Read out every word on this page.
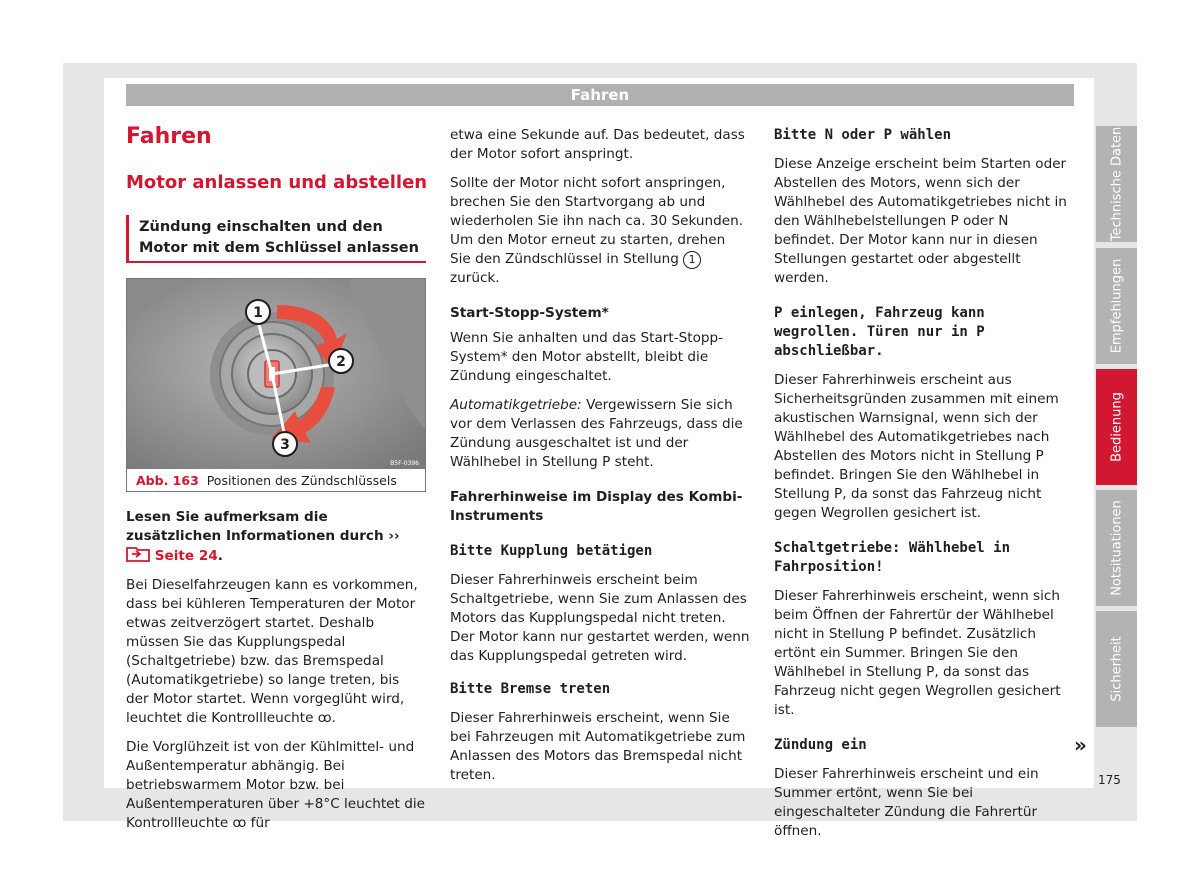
Fahren
Technische Daten
Empfehlungen
Bedienung
Notsituationen
Sicherheit
Fahren
Motor anlassen und abstellen
Zündung einschalten und den Motor mit dem Schlüssel anlassen
1
2
3
B5F-0396
Abb. 163 Positionen des Zündschlüssels

Lesen Sie aufmerksam die zusätzlichen Informationen durch ››  Seite 24.

Bei Dieselfahrzeugen kann es vorkommen, dass bei kühleren Temperaturen der Motor etwas zeitverzögert startet. Deshalb müssen Sie das Kupplungspedal (Schaltgetriebe) bzw. das Bremspedal (Automatikgetriebe) so lange treten, bis der Motor startet. Wenn vorgeglüht wird, leuchtet die Kontrollleuchte ꝏ.

Die Vorglühzeit ist von der Kühlmittel- und Außentemperatur abhängig. Bei betriebswarmem Motor bzw. bei Außentemperaturen über +8°C leuchtet die Kontrollleuchte ꝏ für

etwa eine Sekunde auf. Das bedeutet, dass der Motor sofort anspringt.

Sollte der Motor nicht sofort anspringen, brechen Sie den Startvorgang ab und wiederholen Sie ihn nach ca. 30 Sekunden. Um den Motor erneut zu starten, drehen Sie den Zündschlüssel in Stellung 1 zurück.

Start-Stopp-System*

Wenn Sie anhalten und das Start-Stopp-System* den Motor abstellt, bleibt die Zündung eingeschaltet.

Automatikgetriebe: Vergewissern Sie sich vor dem Verlassen des Fahrzeugs, dass die Zündung ausgeschaltet ist und der Wählhebel in Stellung P steht.

Fahrerhinweise im Display des Kombi-Instruments

Bitte Kupplung betätigen

Dieser Fahrerhinweis erscheint beim Schaltgetriebe, wenn Sie zum Anlassen des Motors das Kupplungspedal nicht treten. Der Motor kann nur gestartet werden, wenn das Kupplungspedal getreten wird.

Bitte Bremse treten

Dieser Fahrerhinweis erscheint, wenn Sie bei Fahrzeugen mit Automatikgetriebe zum Anlassen des Motors das Bremspedal nicht treten.

Bitte N oder P wählen

Diese Anzeige erscheint beim Starten oder Abstellen des Motors, wenn sich der Wählhebel des Automatikgetriebes nicht in den Wählhebelstellungen P oder N befindet. Der Motor kann nur in diesen Stellungen gestartet oder abgestellt werden.

P einlegen, Fahrzeug kann wegrollen. Türen nur in P abschließbar.

Dieser Fahrerhinweis erscheint aus Sicherheitsgründen zusammen mit einem akustischen Warnsignal, wenn sich der Wählhebel des Automatikgetriebes nach Abstellen des Motors nicht in Stellung P befindet. Bringen Sie den Wählhebel in Stellung P, da sonst das Fahrzeug nicht gegen Wegrollen gesichert ist.

Schaltgetriebe: Wählhebel in Fahrposition!

Dieser Fahrerhinweis erscheint, wenn sich beim Öffnen der Fahrertür der Wählhebel nicht in Stellung P befindet. Zusätzlich ertönt ein Summer. Bringen Sie den Wählhebel in Stellung P, da sonst das Fahrzeug nicht gegen Wegrollen gesichert ist.

Zündung ein

Dieser Fahrerhinweis erscheint und ein Summer ertönt, wenn Sie bei eingeschalteter Zündung die Fahrertür öffnen.

»
175
